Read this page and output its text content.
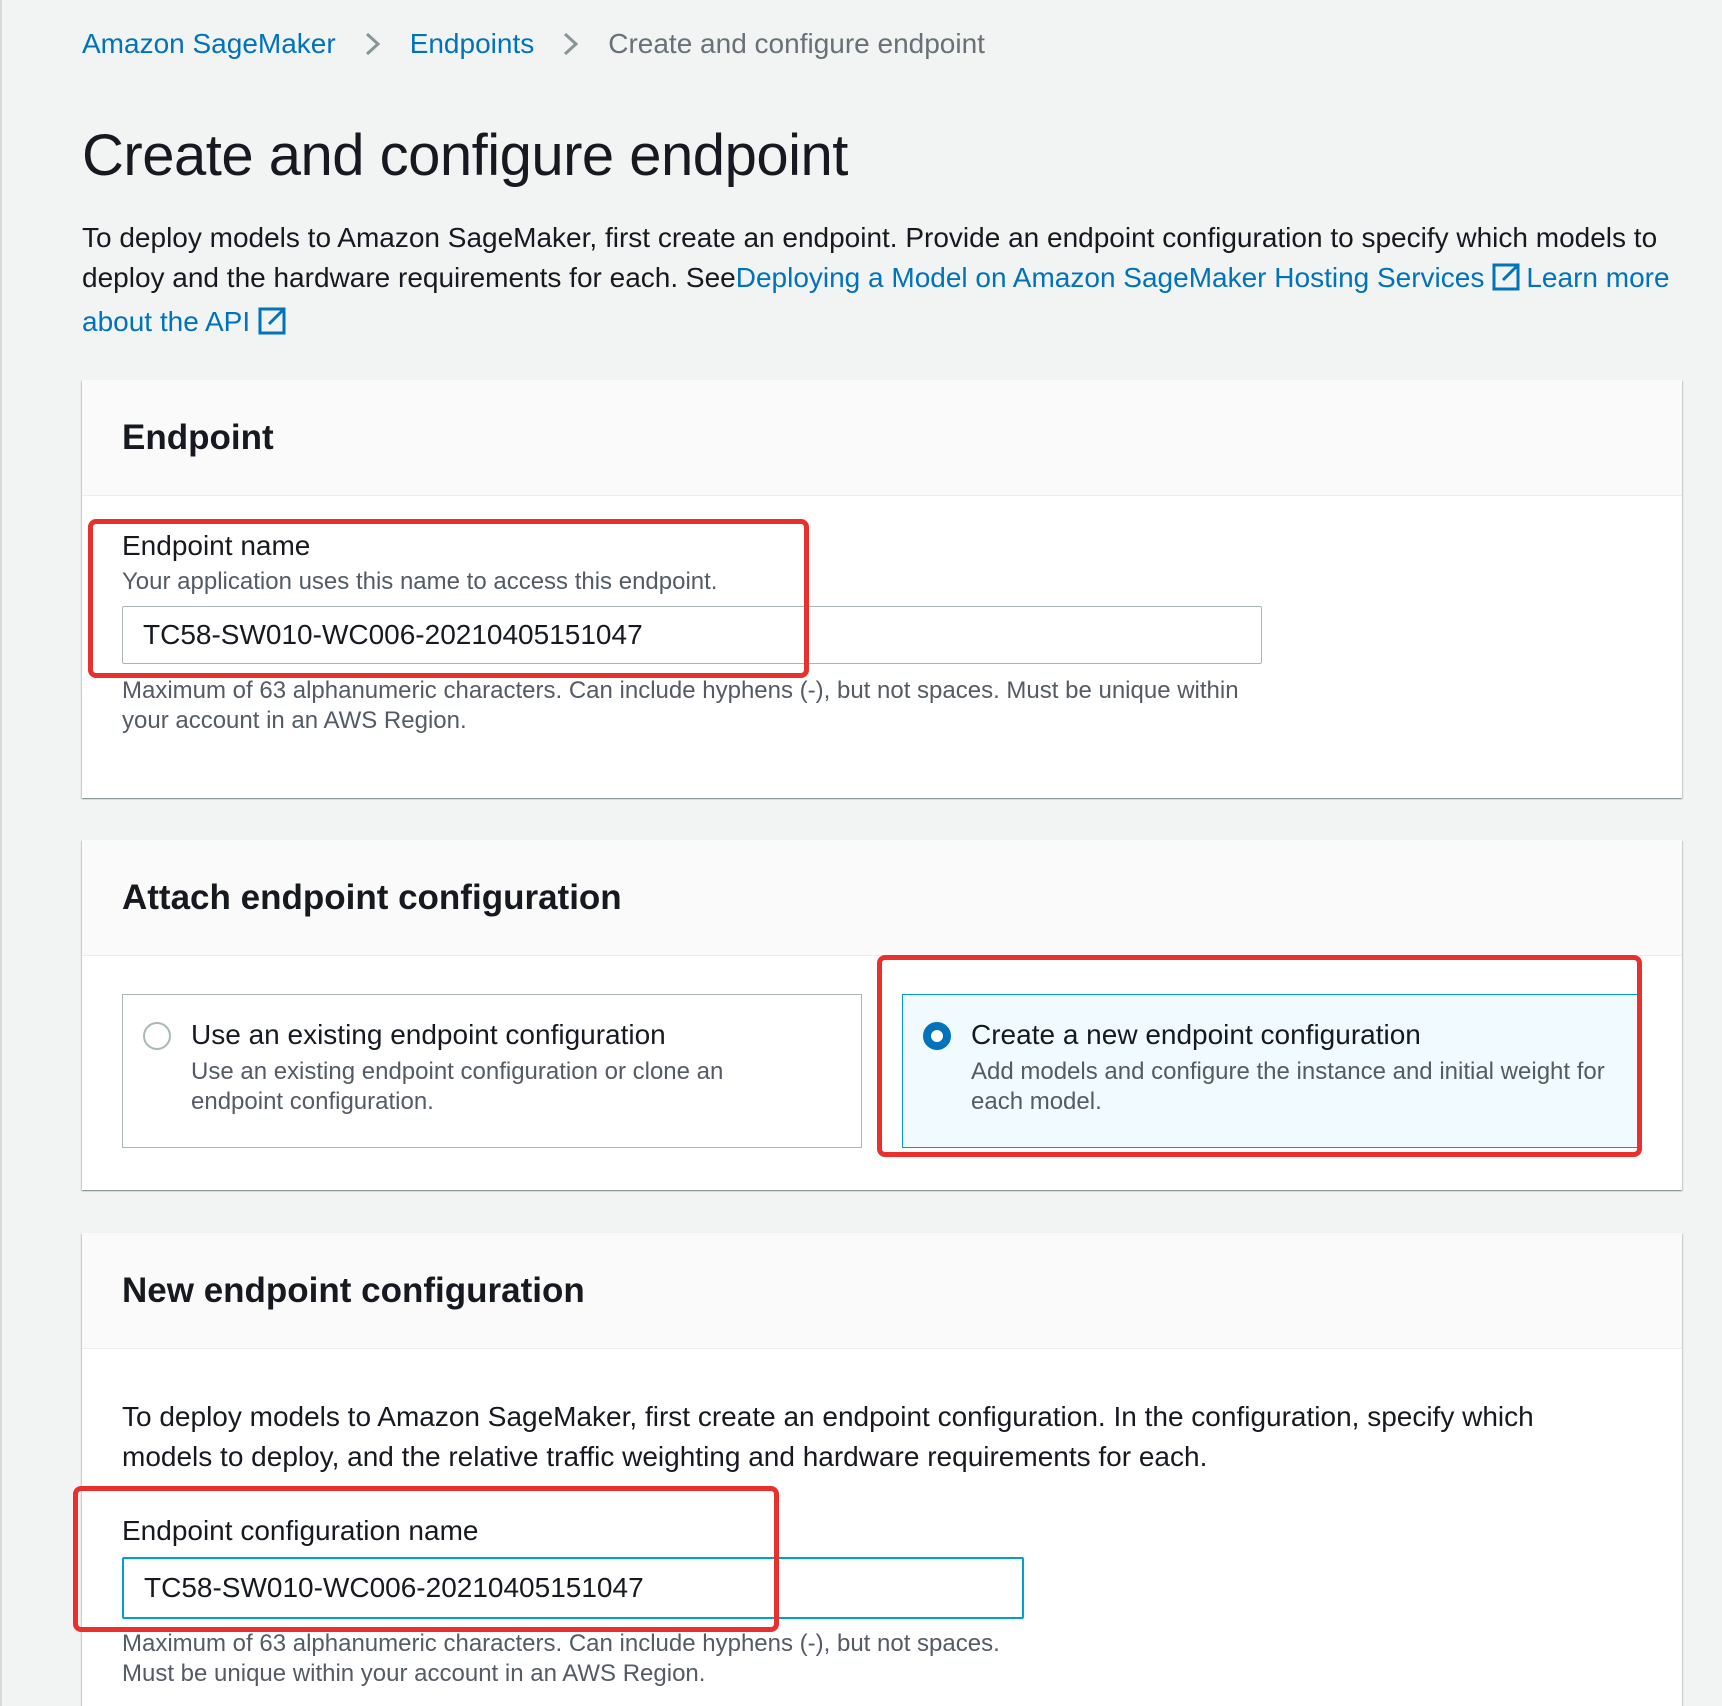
Amazon SageMaker	Endpoints	Create and configure endpoint
Create and configure endpoint

To deploy models to Amazon SageMaker, first create an endpoint. Provide an endpoint configuration to specify which models to deploy and the hardware requirements for each. SeeDeploying a Model on Amazon SageMaker Hosting Services Learn more about the API

Endpoint
Endpoint name
Your application uses this name to access this endpoint.
TC58-SW010-WC006-20210405151047
Maximum of 63 alphanumeric characters. Can include hyphens (-), but not spaces. Must be unique within your account in an AWS Region.
Attach endpoint configuration
Use an existing endpoint configuration
Use an existing endpoint configuration or clone an endpoint configuration.
Create a new endpoint configuration
Add models and configure the instance and initial weight for each model.
New endpoint configuration

To deploy models to Amazon SageMaker, first create an endpoint configuration. In the configuration, specify which models to deploy, and the relative traffic weighting and hardware requirements for each.

Endpoint configuration name
TC58-SW010-WC006-20210405151047
Maximum of 63 alphanumeric characters. Can include hyphens (-), but not spaces.
Must be unique within your account in an AWS Region.
